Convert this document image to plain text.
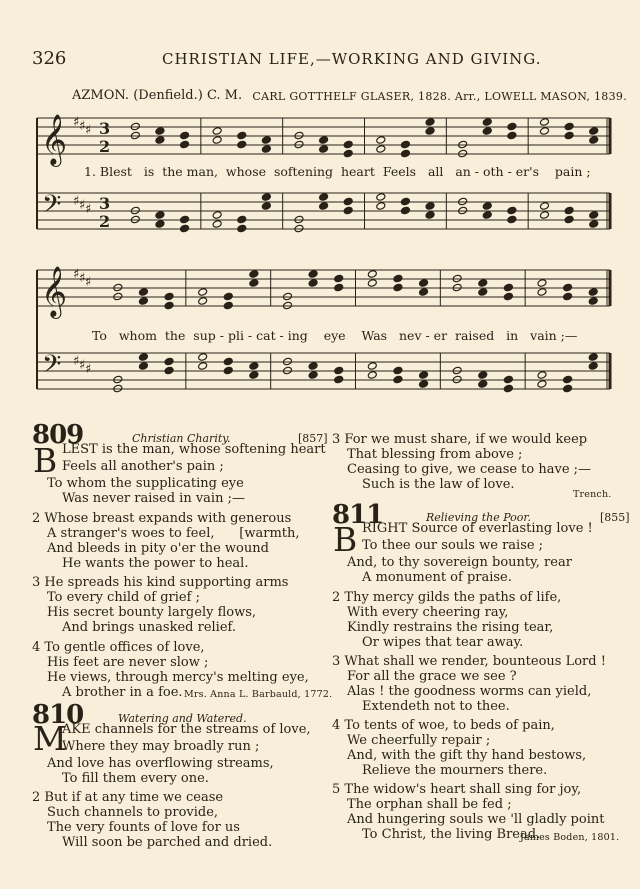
326	CHRISTIAN LIFE,—WORKING AND GIVING.
AZMON. (Denfield.) C. M. CARL GOTTHELF GLASER, 1828. Arr., LOWELL MASON, 1839.
𝄞
𝄢
♯
♯
♯
♯
♯
♯
3
2
3
2
𝄞
𝄢
♯
♯
♯
♯
♯
♯
1. Blest   is  the man,  whose  softening  heart  Feels   all   an - oth - er's    pain ;
To   whom  the  sup - pli - cat - ing    eye    Was   nev - er  raised   in   vain ;—
809	Christian Charity.	[857]
B LEST is the man, whose softening heart
Feels all another's pain ;
To whom the supplicating eye
Was never raised in vain ;—
2 Whose breast expands with generous
A stranger's woes to feel,      [warmth,
And bleeds in pity o'er the wound
He wants the power to heal.
3 He spreads his kind supporting arms
To every child of grief ;
His secret bounty largely flows,
And brings unasked relief.
4 To gentle offices of love,
His feet are never slow ;
He views, through mercy's melting eye,
A brother in a foe. Mrs. Anna L. Barbauld, 1772.
810	Watering and Watered.
M
AKE channels for the streams of love,
Where they may broadly run ;
And love has overflowing streams,
To fill them every one.
2 But if at any time we cease
Such channels to provide,
The very founts of love for us
Will soon be parched and dried.
3 For we must share, if we would keep
That blessing from above ;
Ceasing to give, we cease to have ;—
Such is the law of love.
Trench.
811	Relieving the Poor.	[855]
B RIGHT Source of everlasting love !
To thee our souls we raise ;
And, to thy sovereign bounty, rear
A monument of praise.
2 Thy mercy gilds the paths of life,
With every cheering ray,
Kindly restrains the rising tear,
Or wipes that tear away.
3 What shall we render, bounteous Lord !
For all the grace we see ?
Alas ! the goodness worms can yield,
Extendeth not to thee.
4 To tents of woe, to beds of pain,
We cheerfully repair ;
And, with the gift thy hand bestows,
Relieve the mourners there.
5 The widow's heart shall sing for joy,
The orphan shall be fed ;
And hungering souls we 'll gladly point
To Christ, the living Bread.
James Boden, 1801.
